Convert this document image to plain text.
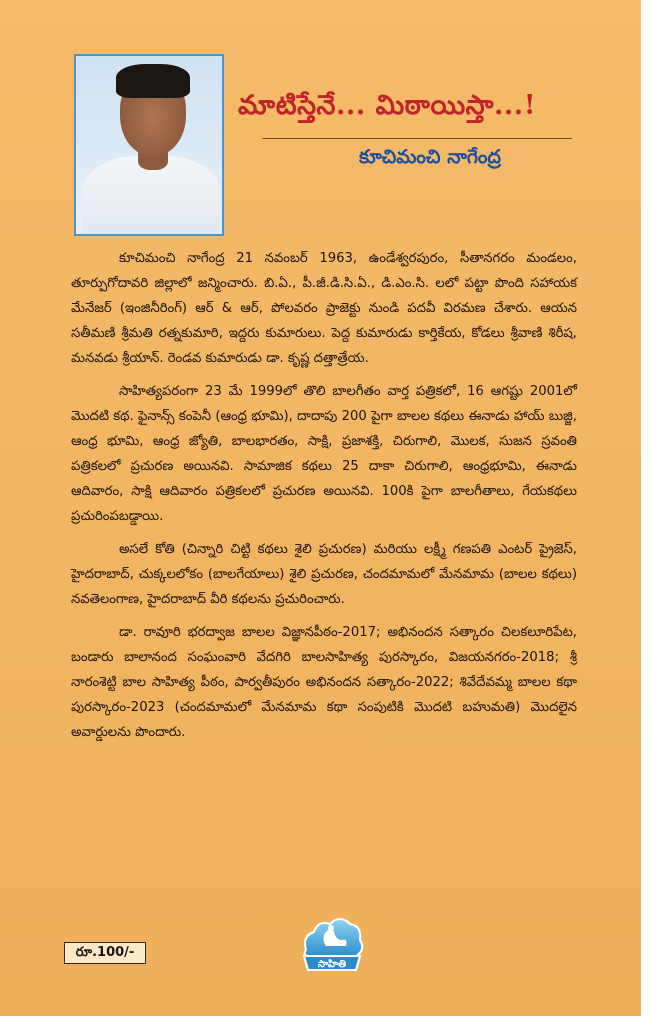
మాటిస్తేనే... మిఠాయిస్తా...!
కూచిమంచి నాగేంద్ర

కూచిమంచి నాగేంద్ర 21 నవంబర్ 1963, ఉండేశ్వరపురం, సీతానగరం మండలం, తూర్పుగోదావరి జిల్లాలో జన్మించారు. బి.ఏ., పీ.జీ.డి.సి.ఏ., డి.ఎం.సి. లలో పట్టా పొంది సహాయక మేనేజర్ (ఇంజినీరింగ్) ఆర్ & ఆర్, పోలవరం ప్రాజెక్టు నుండి పదవీ విరమణ చేశారు. ఆయన సతీమణి శ్రీమతి రత్నకుమారి, ఇద్దరు కుమారులు. పెద్ద కుమారుడు కార్తికేయ, కోడలు శ్రీవాణి శిరీష, మనవడు శ్రీయాన్. రెండవ కుమారుడు డా. కృష్ణ దత్తాత్రేయ.

సాహిత్యపరంగా 23 మే 1999లో తొలి బాలగీతం వార్త పత్రికలో, 16 ఆగష్టు 2001లో మొదటి కథ. ఫైనాన్స్ కంపెనీ (ఆంధ్ర భూమి), దాదాపు 200 పైగా బాలల కథలు ఈనాడు హాయ్ బుజ్జి, ఆంధ్ర భూమి, ఆంధ్ర జ్యోతి, బాలభారతం, సాక్షి, ప్రజాశక్తి, చిరుగాలి, మొలక, సుజన స్రవంతి పత్రికలలో ప్రచురణ అయినవి. సామాజిక కథలు 25 దాకా చిరుగాలి, ఆంధ్రభూమి, ఈనాడు ఆదివారం, సాక్షి ఆదివారం పత్రికలలో ప్రచురణ అయినవి. 100కి పైగా బాలగీతాలు, గేయకథలు ప్రచురింపబడ్డాయి.

అసలే కోతి (చిన్నారి చిట్టి కథలు శైలి ప్రచురణ) మరియు లక్ష్మీ గణపతి ఎంటర్ ప్రైజెస్, హైదరాబాద్, చుక్కలలోకం (బాలగేయాలు) శైలి ప్రచురణ, చందమామలో మేనమామ (బాలల కథలు) నవతెలంగాణ, హైదరాబాద్ వీరి కథలను ప్రచురించారు.

డా. రావూరి భరద్వాజ బాలల విజ్ఞానపీఠం-2017; అభినందన సత్కారం చిలకలూరిపేట, బండారు బాలానంద సంఘంవారి వేదగిరి బాలసాహిత్య పురస్కారం, విజయనగరం-2018; శ్రీ నారంశెట్టి బాల సాహిత్య పీఠం, పార్వతీపురం అభినందన సత్కారం-2022; శివేదేవమ్మ బాలల కథా పురస్కారం-2023 (చందమామలో మేనమామ కథా సంపుటికి మొదటి బహుమతి) మొదలైన అవార్డులను పొందారు.

రూ.100/-
సాహితి
